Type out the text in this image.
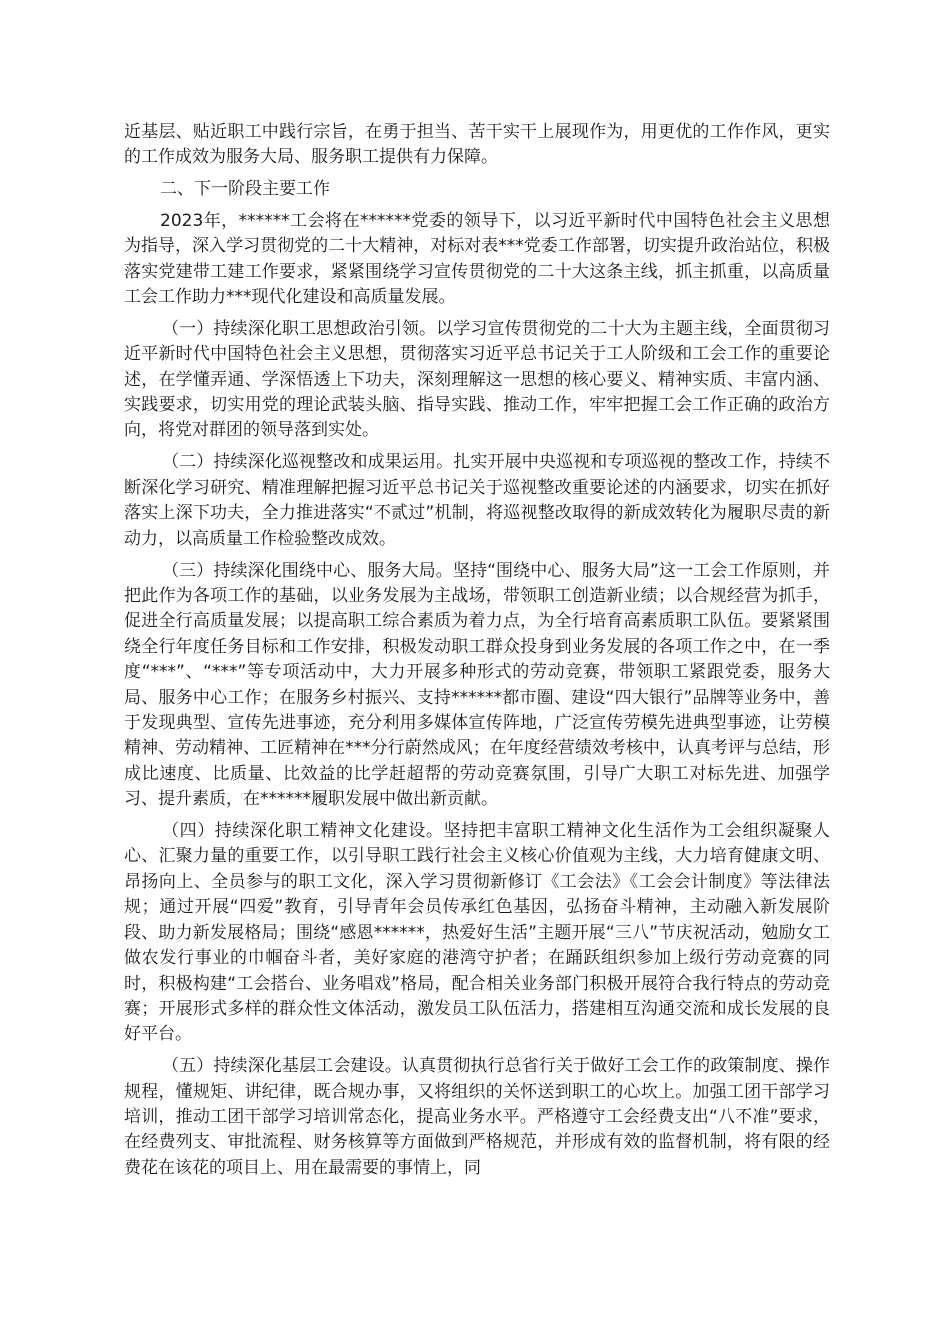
近基层、贴近职工中践行宗旨，在勇于担当、苦干实干上展现作为，用更优的工作作风，更实的工作成效为服务大局、服务职工提供有力保障。

二、下一阶段主要工作

2023年，******工会将在******党委的领导下，以习近平新时代中国特色社会主义思想为指导，深入学习贯彻党的二十大精神，对标对表***党委工作部署，切实提升政治站位，积极落实党建带工建工作要求，紧紧围绕学习宣传贯彻党的二十大这条主线，抓主抓重，以高质量工会工作助力***现代化建设和高质量发展。

（一）持续深化职工思想政治引领。以学习宣传贯彻党的二十大为主题主线，全面贯彻习近平新时代中国特色社会主义思想，贯彻落实习近平总书记关于工人阶级和工会工作的重要论述，在学懂弄通、学深悟透上下功夫，深刻理解这一思想的核心要义、精神实质、丰富内涵、实践要求，切实用党的理论武装头脑、指导实践、推动工作，牢牢把握工会工作正确的政治方向，将党对群团的领导落到实处。

（二）持续深化巡视整改和成果运用。扎实开展中央巡视和专项巡视的整改工作，持续不断深化学习研究、精准理解把握习近平总书记关于巡视整改重要论述的内涵要求，切实在抓好落实上深下功夫，全力推进落实“不贰过”机制，将巡视整改取得的新成效转化为履职尽责的新动力，以高质量工作检验整改成效。

（三）持续深化围绕中心、服务大局。坚持“围绕中心、服务大局”这一工会工作原则，并把此作为各项工作的基础，以业务发展为主战场，带领职工创造新业绩；以合规经营为抓手，促进全行高质量发展；以提高职工综合素质为着力点，为全行培育高素质职工队伍。要紧紧围绕全行年度任务目标和工作安排，积极发动职工群众投身到业务发展的各项工作之中，在一季度“***”、“***”等专项活动中，大力开展多种形式的劳动竞赛，带领职工紧跟党委，服务大局、服务中心工作；在服务乡村振兴、支持******都市圈、建设“四大银行”品牌等业务中，善于发现典型、宣传先进事迹，充分利用多媒体宣传阵地，广泛宣传劳模先进典型事迹，让劳模精神、劳动精神、工匠精神在***分行蔚然成风；在年度经营绩效考核中，认真考评与总结，形成比速度、比质量、比效益的比学赶超帮的劳动竞赛氛围，引导广大职工对标先进、加强学习、提升素质，在******履职发展中做出新贡献。

（四）持续深化职工精神文化建设。坚持把丰富职工精神文化生活作为工会组织凝聚人心、汇聚力量的重要工作，以引导职工践行社会主义核心价值观为主线，大力培育健康文明、昂扬向上、全员参与的职工文化，深入学习贯彻新修订《工会法》《工会会计制度》等法律法规；通过开展“四爱”教育，引导青年会员传承红色基因，弘扬奋斗精神，主动融入新发展阶段、助力新发展格局；围绕“感恩******，热爱好生活”主题开展“三八”节庆祝活动，勉励女工做农发行事业的巾帼奋斗者，美好家庭的港湾守护者；在踊跃组织参加上级行劳动竞赛的同时，积极构建“工会搭台、业务唱戏”格局，配合相关业务部门积极开展符合我行特点的劳动竞赛；开展形式多样的群众性文体活动，激发员工队伍活力，搭建相互沟通交流和成长发展的良好平台。

（五）持续深化基层工会建设。认真贯彻执行总省行关于做好工会工作的政策制度、操作规程，懂规矩、讲纪律，既合规办事，又将组织的关怀送到职工的心坎上。加强工团干部学习培训，推动工团干部学习培训常态化，提高业务水平。严格遵守工会经费支出“八不准”要求，在经费列支、审批流程、财务核算等方面做到严格规范，并形成有效的监督机制，将有限的经费花在该花的项目上、用在最需要的事情上，同
